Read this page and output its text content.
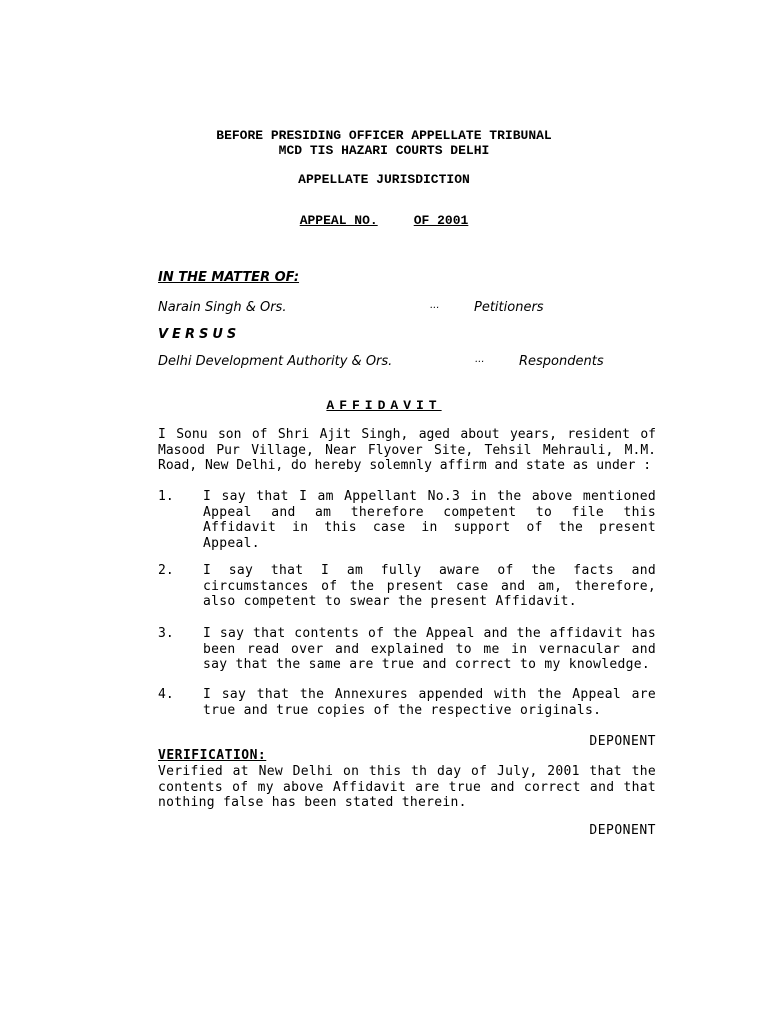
BEFORE PRESIDING OFFICER APPELLATE TRIBUNAL
MCD TIS HAZARI COURTS DELHI
APPELLATE JURISDICTION
APPEAL NO.	OF 2001
IN THE MATTER OF:
Narain Singh & Ors.	...	Petitioners
VERSUS
Delhi Development Authority & Ors.	...	Respondents
AFFIDAVIT
I Sonu son of Shri Ajit Singh, aged about years, resident of Masood Pur Village, Near Flyover Site, Tehsil Mehrauli, M.M. Road, New Delhi, do hereby solemnly affirm and state as under :
1. I say that I am Appellant No.3 in the above mentioned Appeal and am therefore competent to file this Affidavit in this case in support of the present Appeal.
2. I say that I am fully aware of the facts and circumstances of the present case and am, therefore, also competent to swear the present Affidavit.
3. I say that contents of the Appeal and the affidavit has been read over and explained to me in vernacular and say that the same are true and correct to my knowledge.
4. I say that the Annexures appended with the Appeal are true and true copies of the respective originals.
DEPONENT
VERIFICATION:
Verified at New Delhi on this th day of July, 2001 that the contents of my above Affidavit are true and correct and that nothing false has been stated therein.
DEPONENT
